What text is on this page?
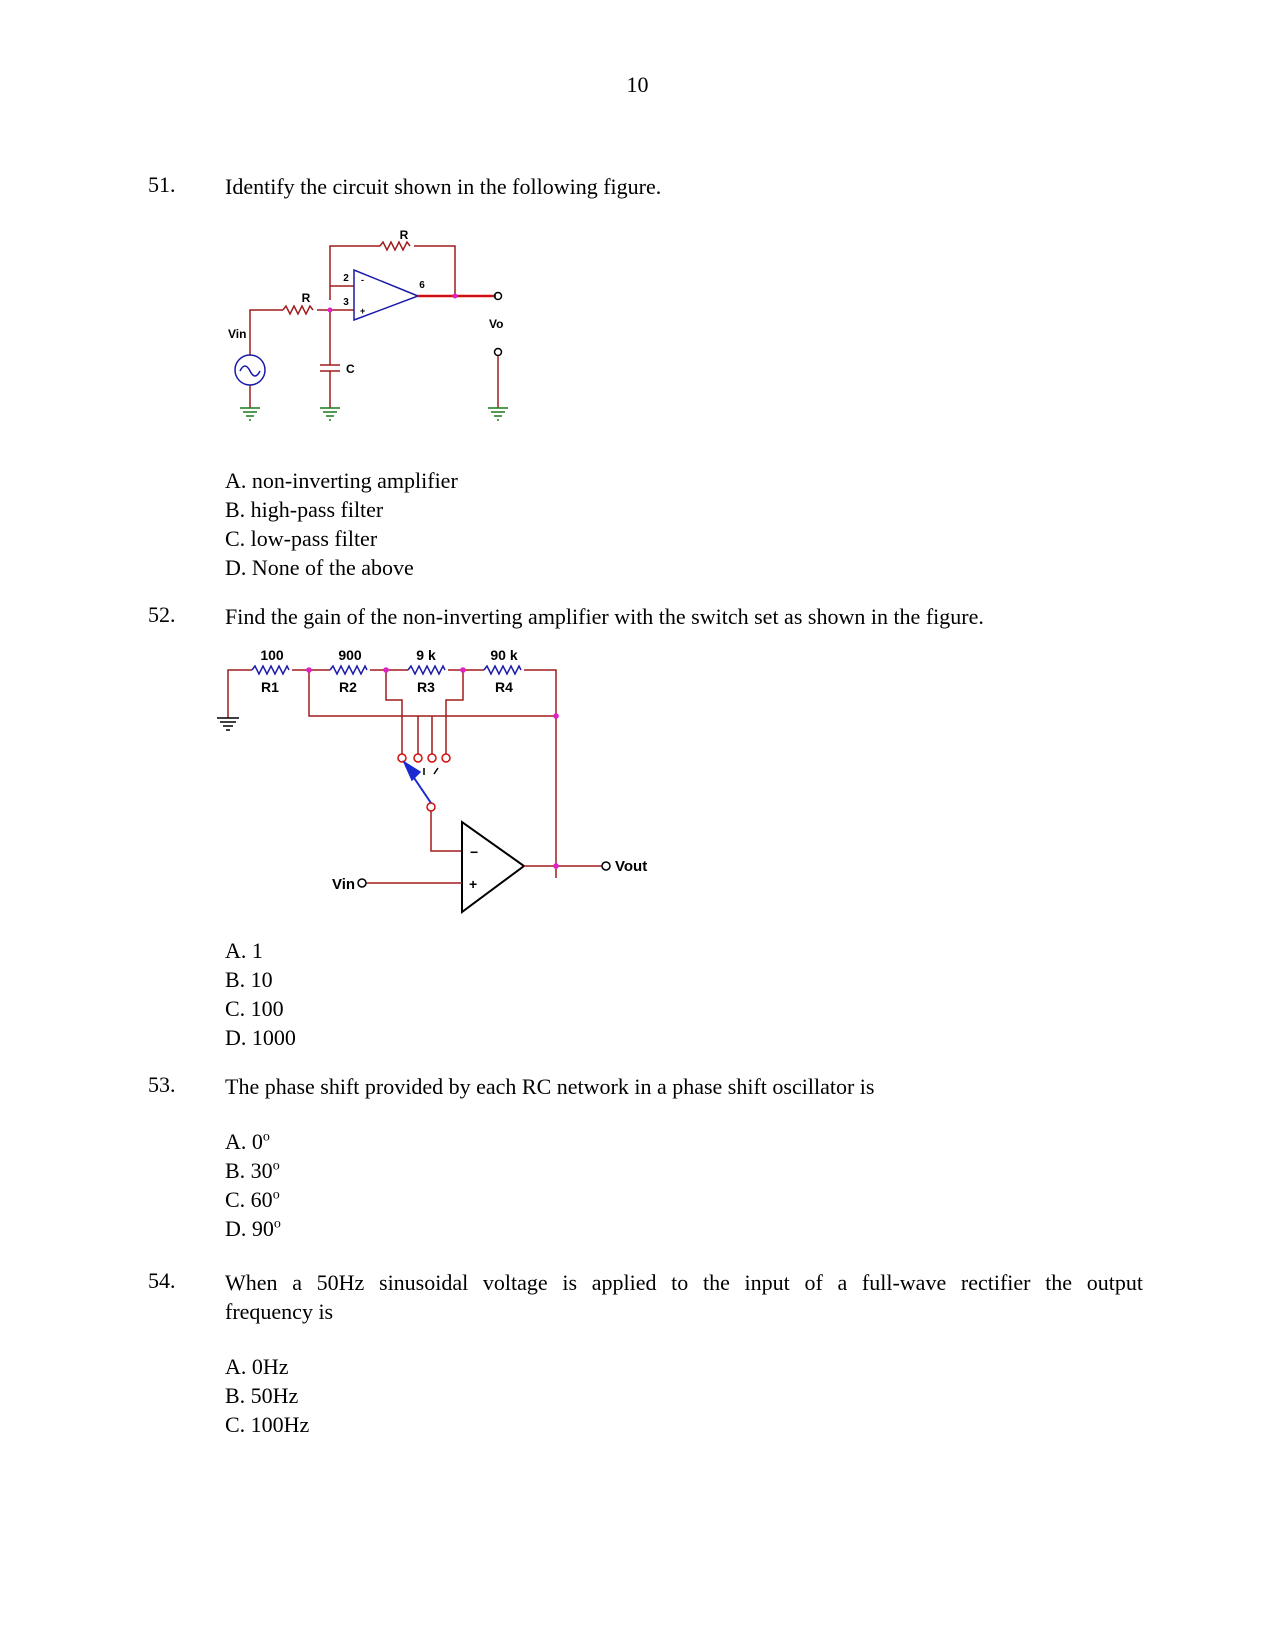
10
51. Identify the circuit shown in the following figure.
R
R
2
3
6
-
+
Vin
Vo
C
A. non-inverting amplifier
B. high-pass filter
C. low-pass filter
D. None of the above
52. Find the gain of the non-inverting amplifier with the switch set as shown in the figure.
100	900	9 k	90 k
R1	R2	R3	R4
−
+
Vin
Vout
A. 1
B. 10
C. 100
D. 1000
53. The phase shift provided by each RC network in a phase shift oscillator is
A. 0$^o$
B. 30$^o$
C. 60$^o$
D. 90$^o$
54. When a 50Hz sinusoidal voltage is applied to the input of a full-wave rectifier the output
frequency is
A. 0Hz
B. 50Hz
C. 100Hz
